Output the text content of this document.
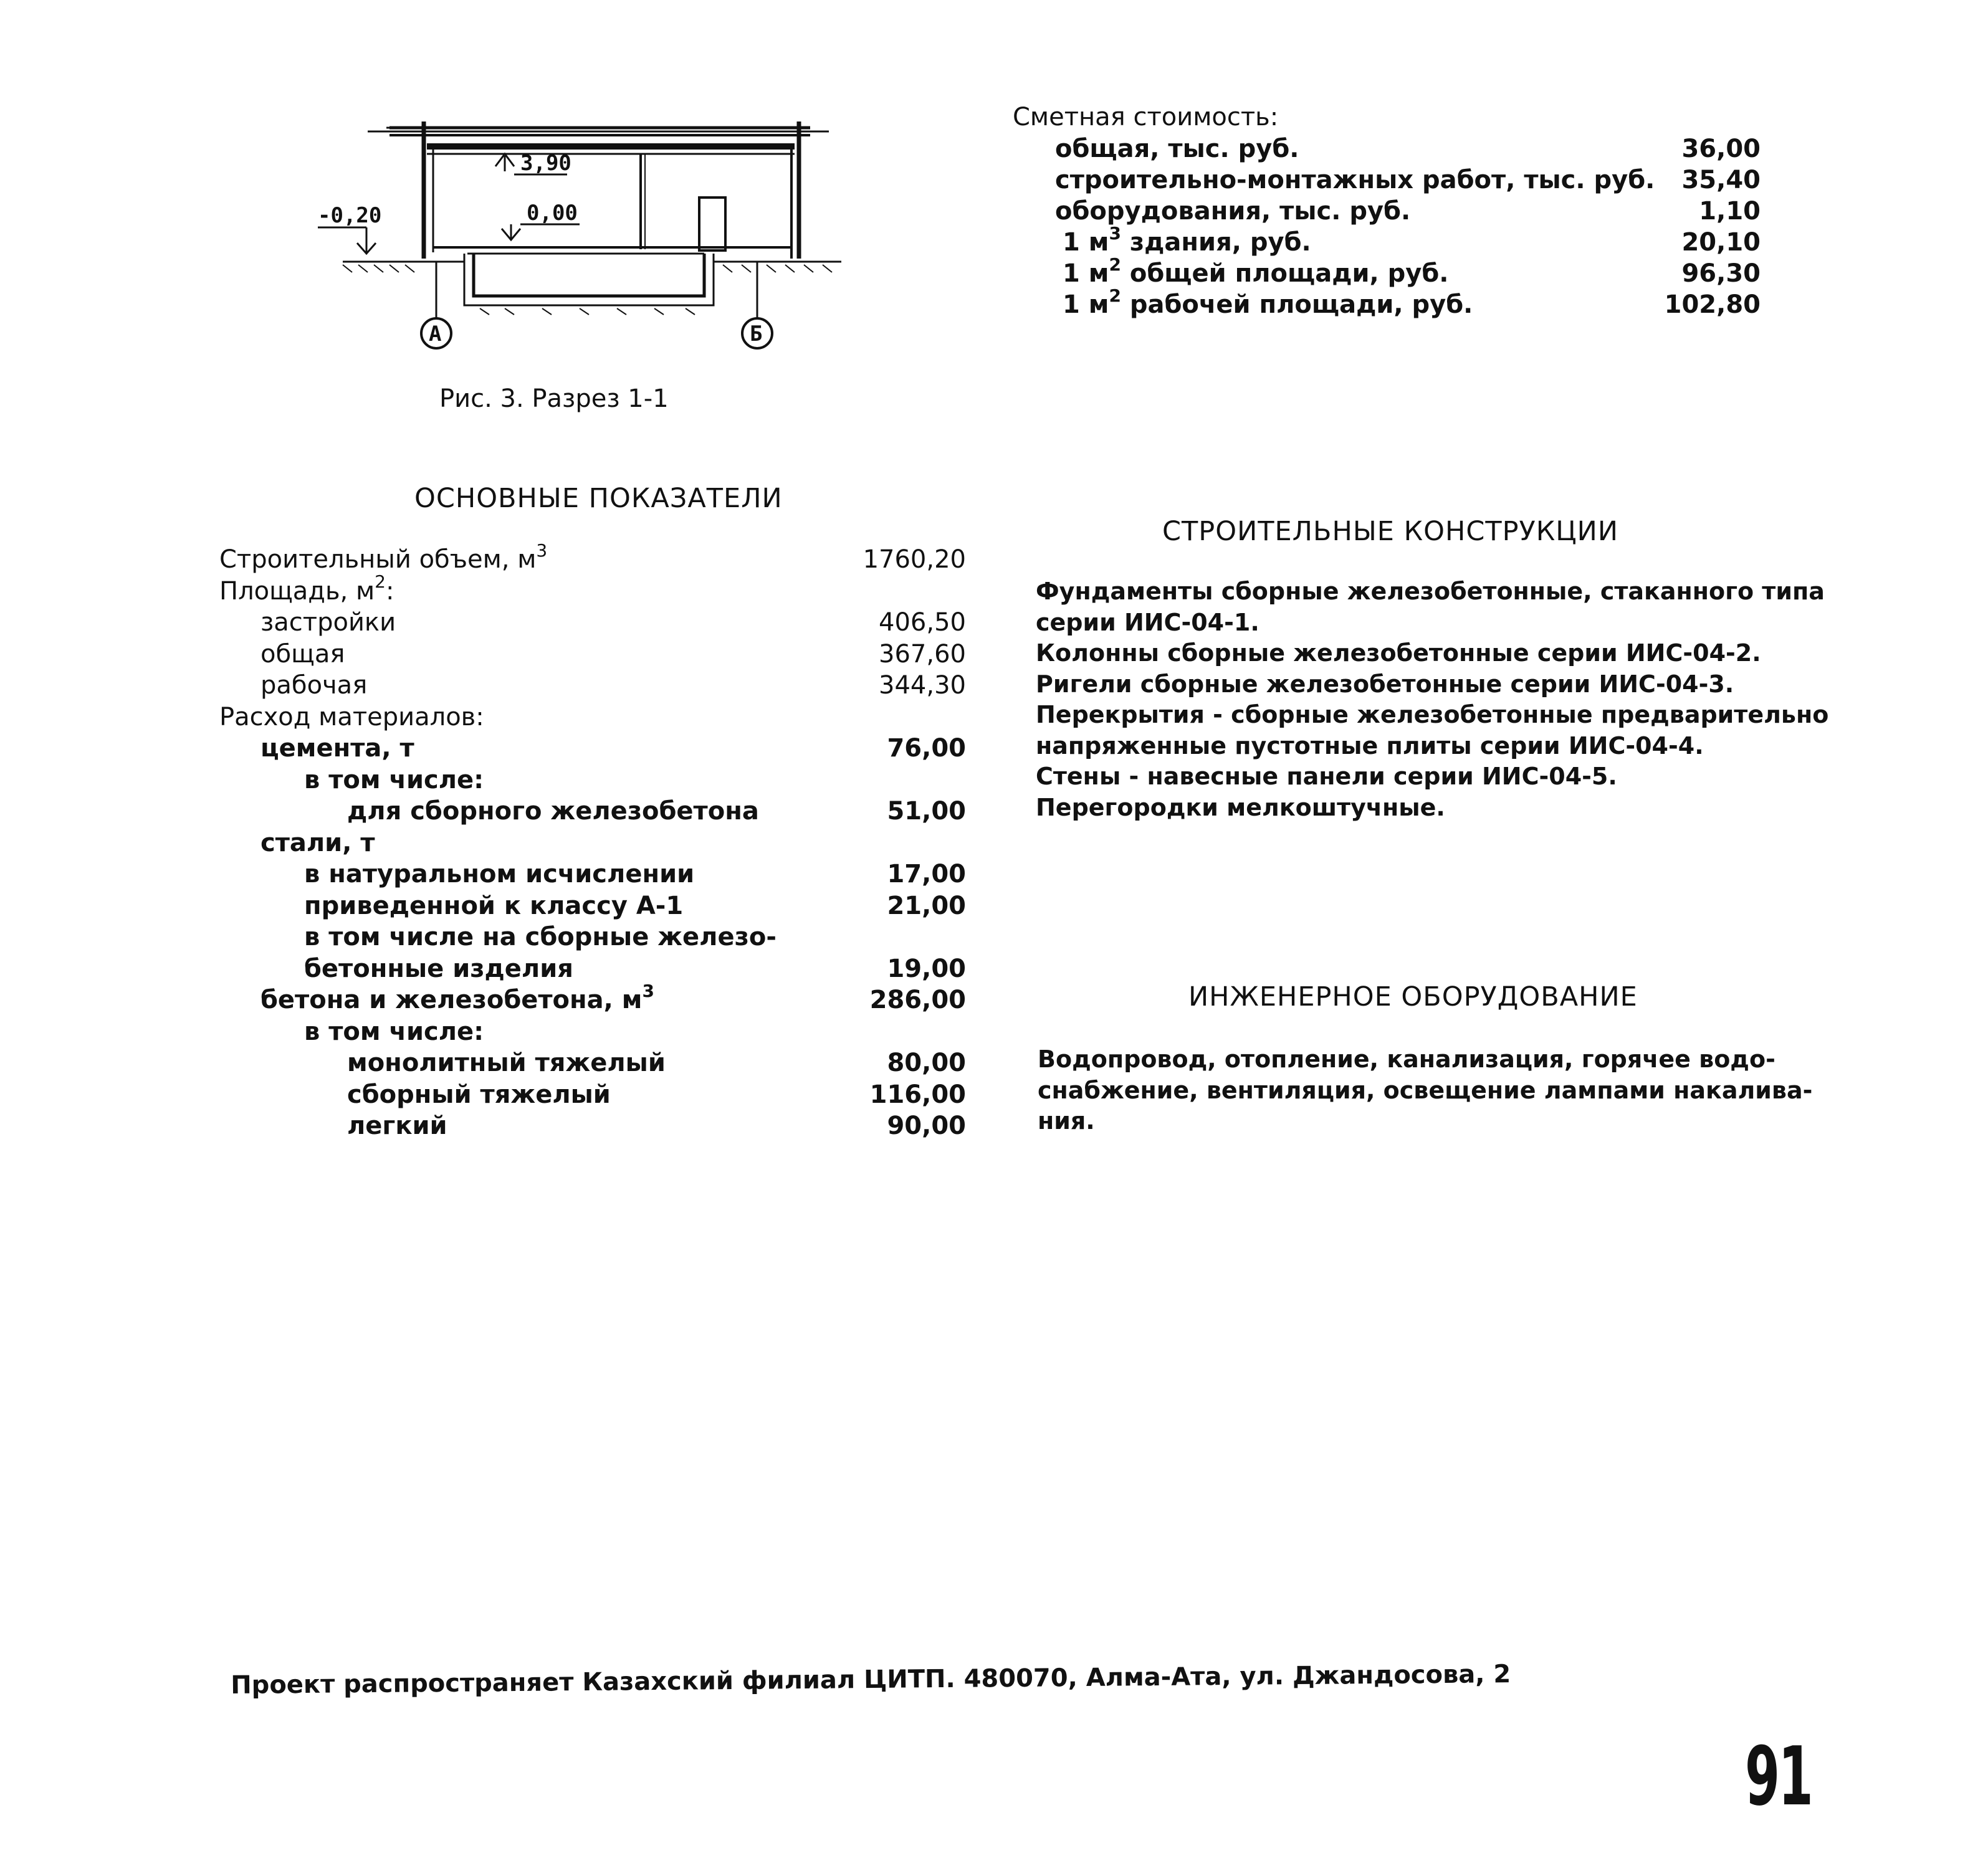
3,90
0,00
-0,20
А	Б
Рис. 3. Разрез 1-1
Сметная стоимость:
общая, тыс. руб.	36,00
строительно-монтажных работ, тыс. руб. 35,40
оборудования, тыс. руб.	1,10
1 $м^3$ здания, руб.	20,10
1 $м^2$ общей площади, руб.	96,30
1 $м^2$ рабочей площади, руб.	102,80
ОСНОВНЫЕ ПОКАЗАТЕЛИ
Строительный объем, $м^3$	1760,20
Площадь, $м^2$:
застройки	406,50
общая	367,60
рабочая	344,30
Расход материалов:
цемента, т	76,00
в том числе:
для сборного железобетона	51,00
стали, т
в натуральном исчислении	17,00
приведенной к классу А-1	21,00
в том числе на сборные железо-
бетонные изделия	19,00
бетона и железобетона, $м^3$	286,00
в том числе:
монолитный тяжелый	80,00
сборный тяжелый	116,00
легкий	90,00
СТРОИТЕЛЬНЫЕ КОНСТРУКЦИИ
Фундаменты сборные железобетонные, стаканного типа
серии ИИС-04-1.
Колонны сборные железобетонные серии ИИС-04-2.
Ригели сборные железобетонные серии ИИС-04-3.
Перекрытия - сборные железобетонные предварительно
напряженные пустотные плиты серии ИИС-04-4.
Стены - навесные панели серии ИИС-04-5.
Перегородки мелкоштучные.
ИНЖЕНЕРНОЕ ОБОРУДОВАНИЕ
Водопровод, отопление, канализация, горячее водо-
снабжение, вентиляция, освещение лампами накалива-
ния.
Проект распространяет Казахский филиал ЦИТП. 480070, Алма-Ата, ул. Джандосова, 2
91
